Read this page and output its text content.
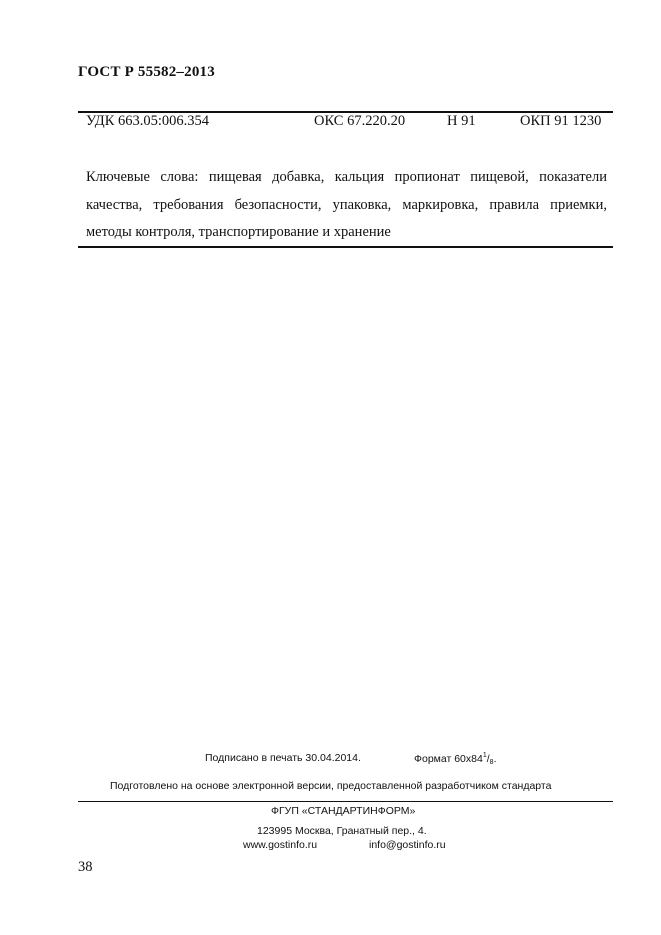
ГОСТ Р 55582–2013
УДК 663.05:006.354	ОКС 67.220.20	Н 91	ОКП 91 1230
Ключевые слова: пищевая добавка, кальция пропионат пищевой, показатели
качества, требования безопасности, упаковка, маркировка, правила приемки,
методы контроля, транспортирование и хранение
Подписано в печать 30.04.2014.	Формат $60x84^1/_8$.
Подготовлено на основе электронной версии, предоставленной разработчиком стандарта
ФГУП «СТАНДАРТИНФОРМ»
123995 Москва, Гранатный пер., 4.
www.gostinfo.ru	info@gostinfo.ru
38
